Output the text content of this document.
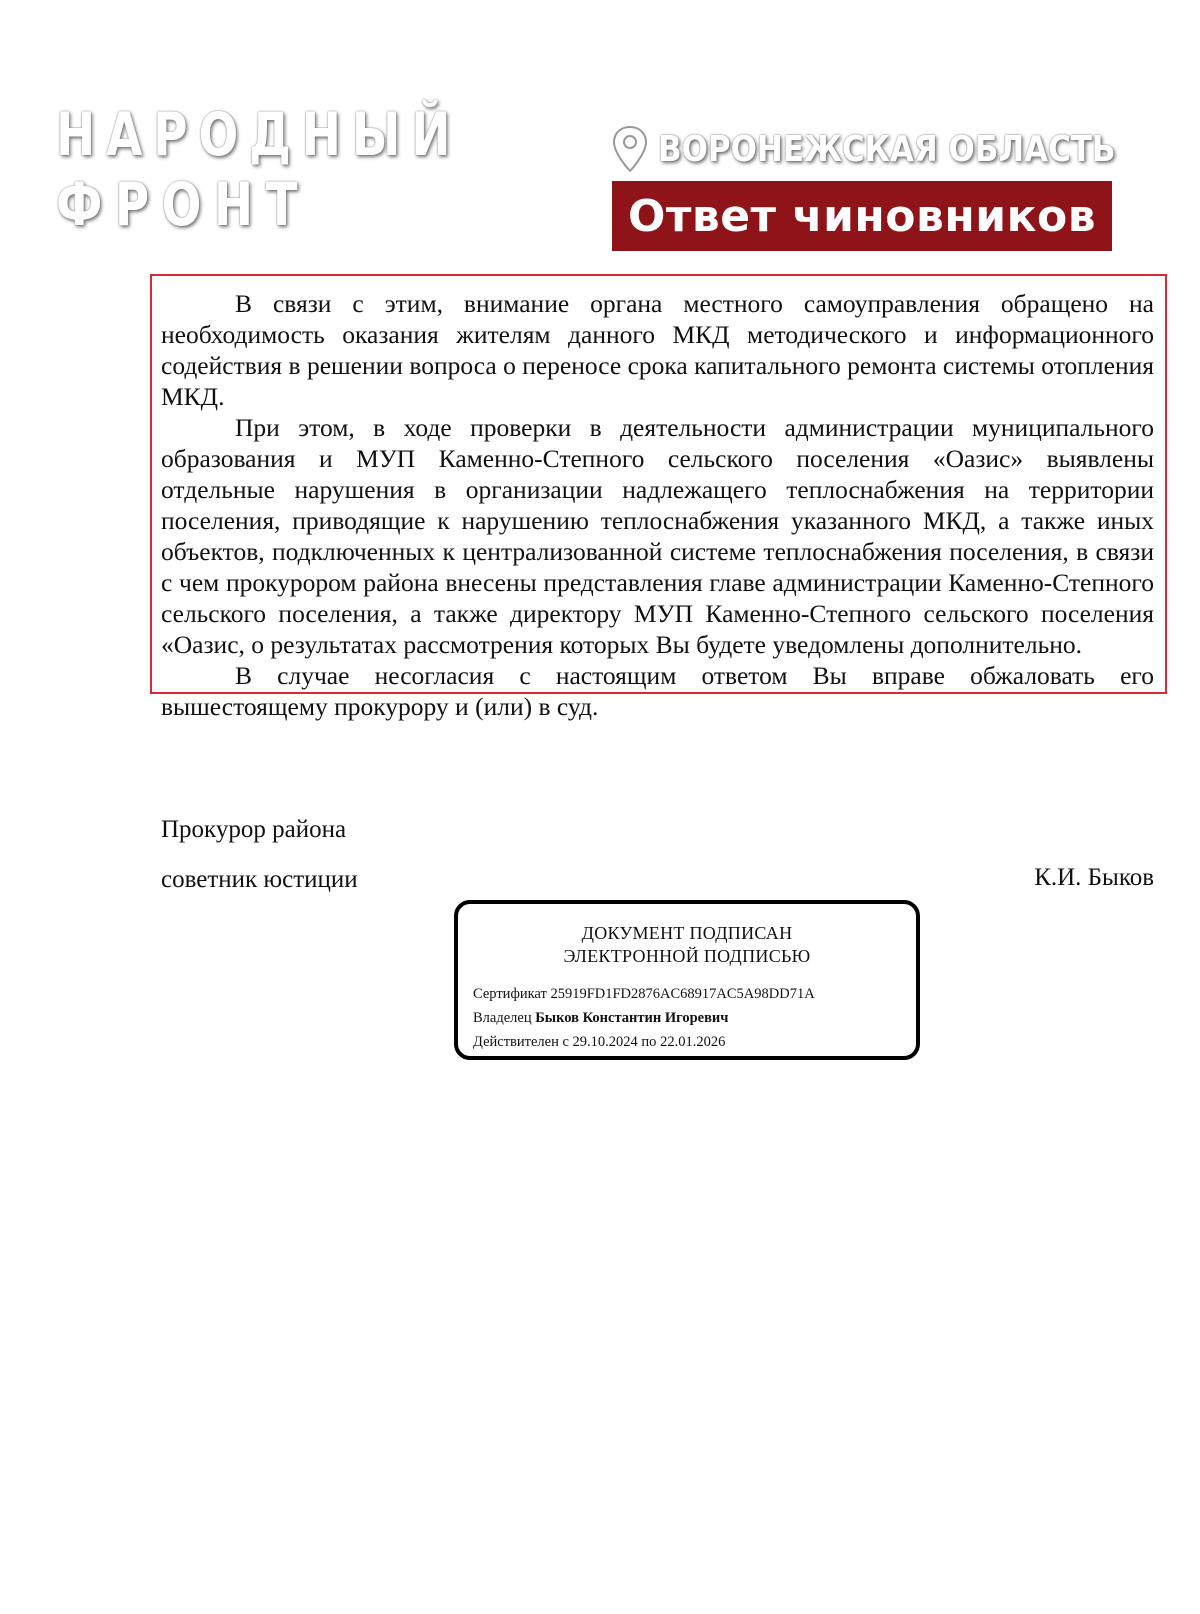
НАРОДНЫЙ
ФРОНТ
ВОРОНЕЖСКАЯ ОБЛАСТЬ
Ответ чиновников

В связи с этим, внимание органа местного самоуправления обращено на необходимость оказания жителям данного МКД методического и информационного содействия в решении вопроса о переносе срока капитального ремонта системы отопления МКД.

При этом, в ходе проверки в деятельности администрации муниципального образования и МУП Каменно-Степного сельского поселения «Оазис» выявлены отдельные нарушения в организации надлежащего теплоснабжения на территории поселения, приводящие к нарушению теплоснабжения указанного МКД, а также иных объектов, подключенных к централизованной системе теплоснабжения поселения, в связи с чем прокурором района внесены представления главе администрации Каменно-Степного сельского поселения, а также директору МУП Каменно-Степного сельского поселения «Оазис, о результатах рассмотрения которых Вы будете уведомлены дополнительно.

В случае несогласия с настоящим ответом Вы вправе обжаловать его вышестоящему прокурору и (или) в суд.

Прокурор района

советник юстиции	К.И. Быков

ДОКУМЕНТ ПОДПИСАН
ЭЛЕКТРОННОЙ ПОДПИСЬЮ
Сертификат 25919FD1FD2876AC68917AC5A98DD71A
Владелец Быков Константин Игоревич
Действителен с 29.10.2024 по 22.01.2026
